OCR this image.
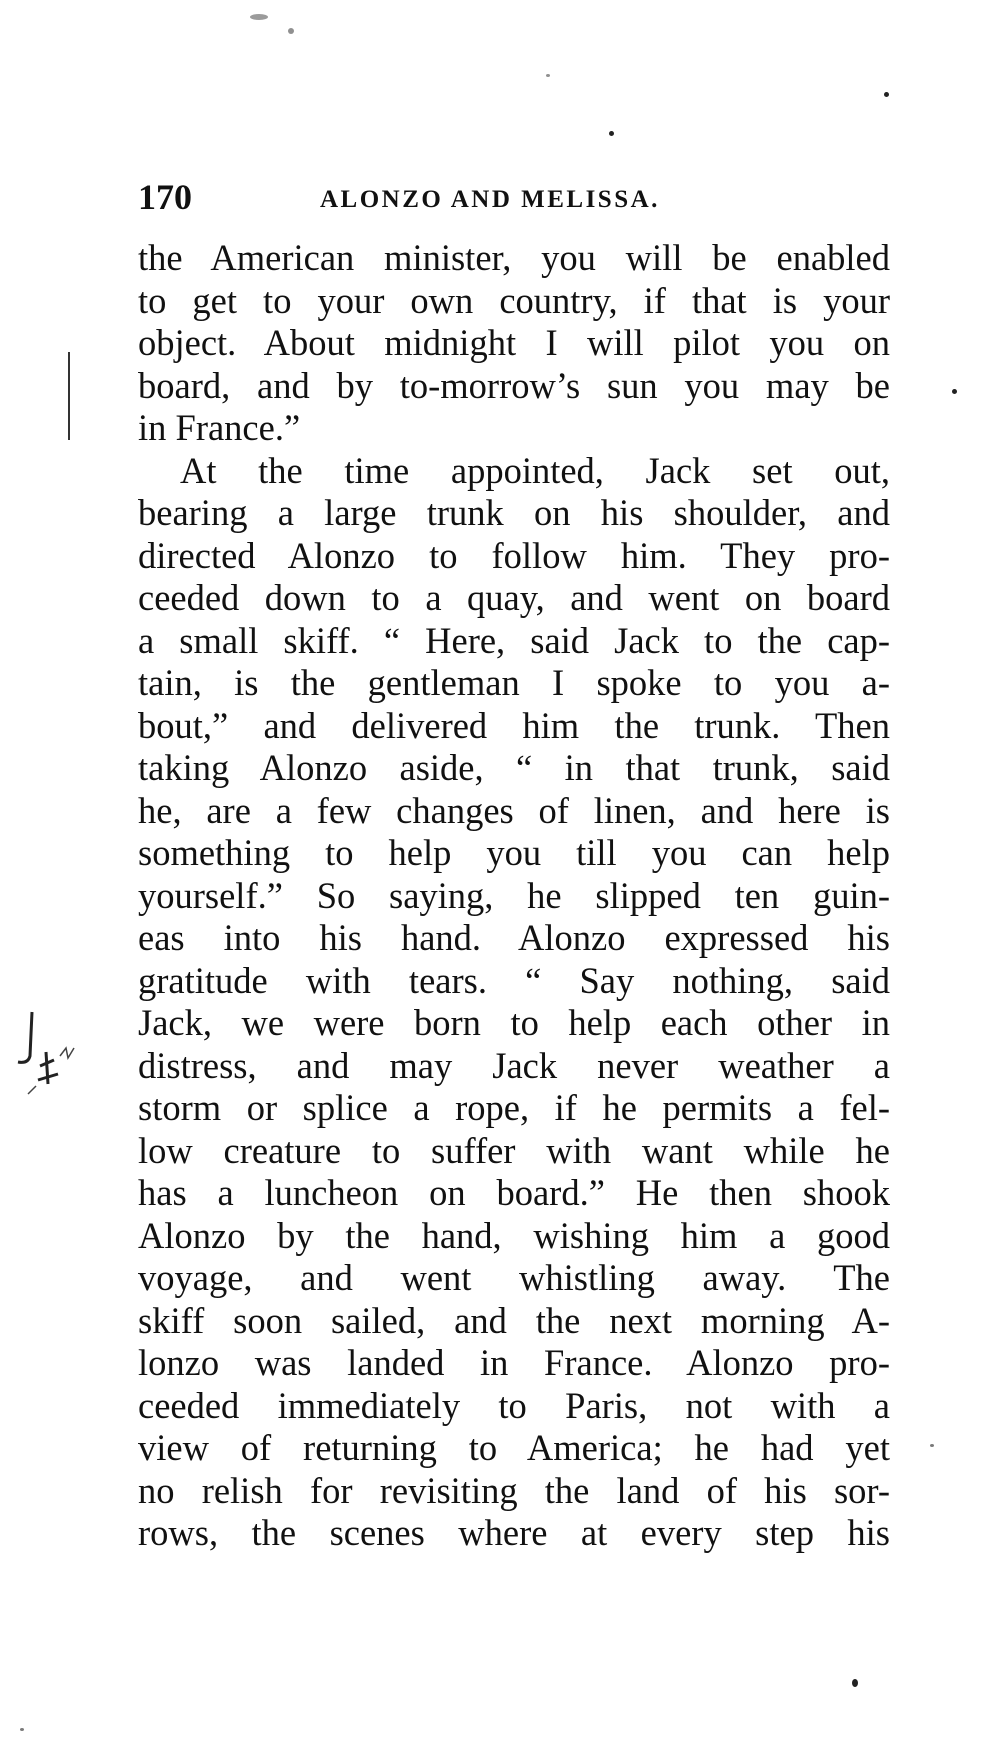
170	ALONZO AND MELISSA.
the American minister, you will be enabled
to get to your own country, if that is your
object. About midnight I will pilot you on
board, and by to-morrow’s sun you may be
in France.”
At the time appointed, Jack set out,
bearing a large trunk on his shoulder, and
directed Alonzo to follow him. They pro-
ceeded down to a quay, and went on board
a small skiff. “ Here, said Jack to the cap-
tain, is the gentleman I spoke to you a-
bout,” and delivered him the trunk. Then
taking Alonzo aside, “ in that trunk, said
he, are a few changes of linen, and here is
something to help you till you can help
yourself.” So saying, he slipped ten guin-
eas into his hand. Alonzo expressed his
gratitude with tears. “ Say nothing, said
Jack, we were born to help each other in
distress, and may Jack never weather a
storm or splice a rope, if he permits a fel-
low creature to suffer with want while he
has a luncheon on board.” He then shook
Alonzo by the hand, wishing him a good
voyage, and went whistling away. The
skiff soon sailed, and the next morning A-
lonzo was landed in France. Alonzo pro-
ceeded immediately to Paris, not with a
view of returning to America; he had yet
no relish for revisiting the land of his sor-
rows, the scenes where at every step his
